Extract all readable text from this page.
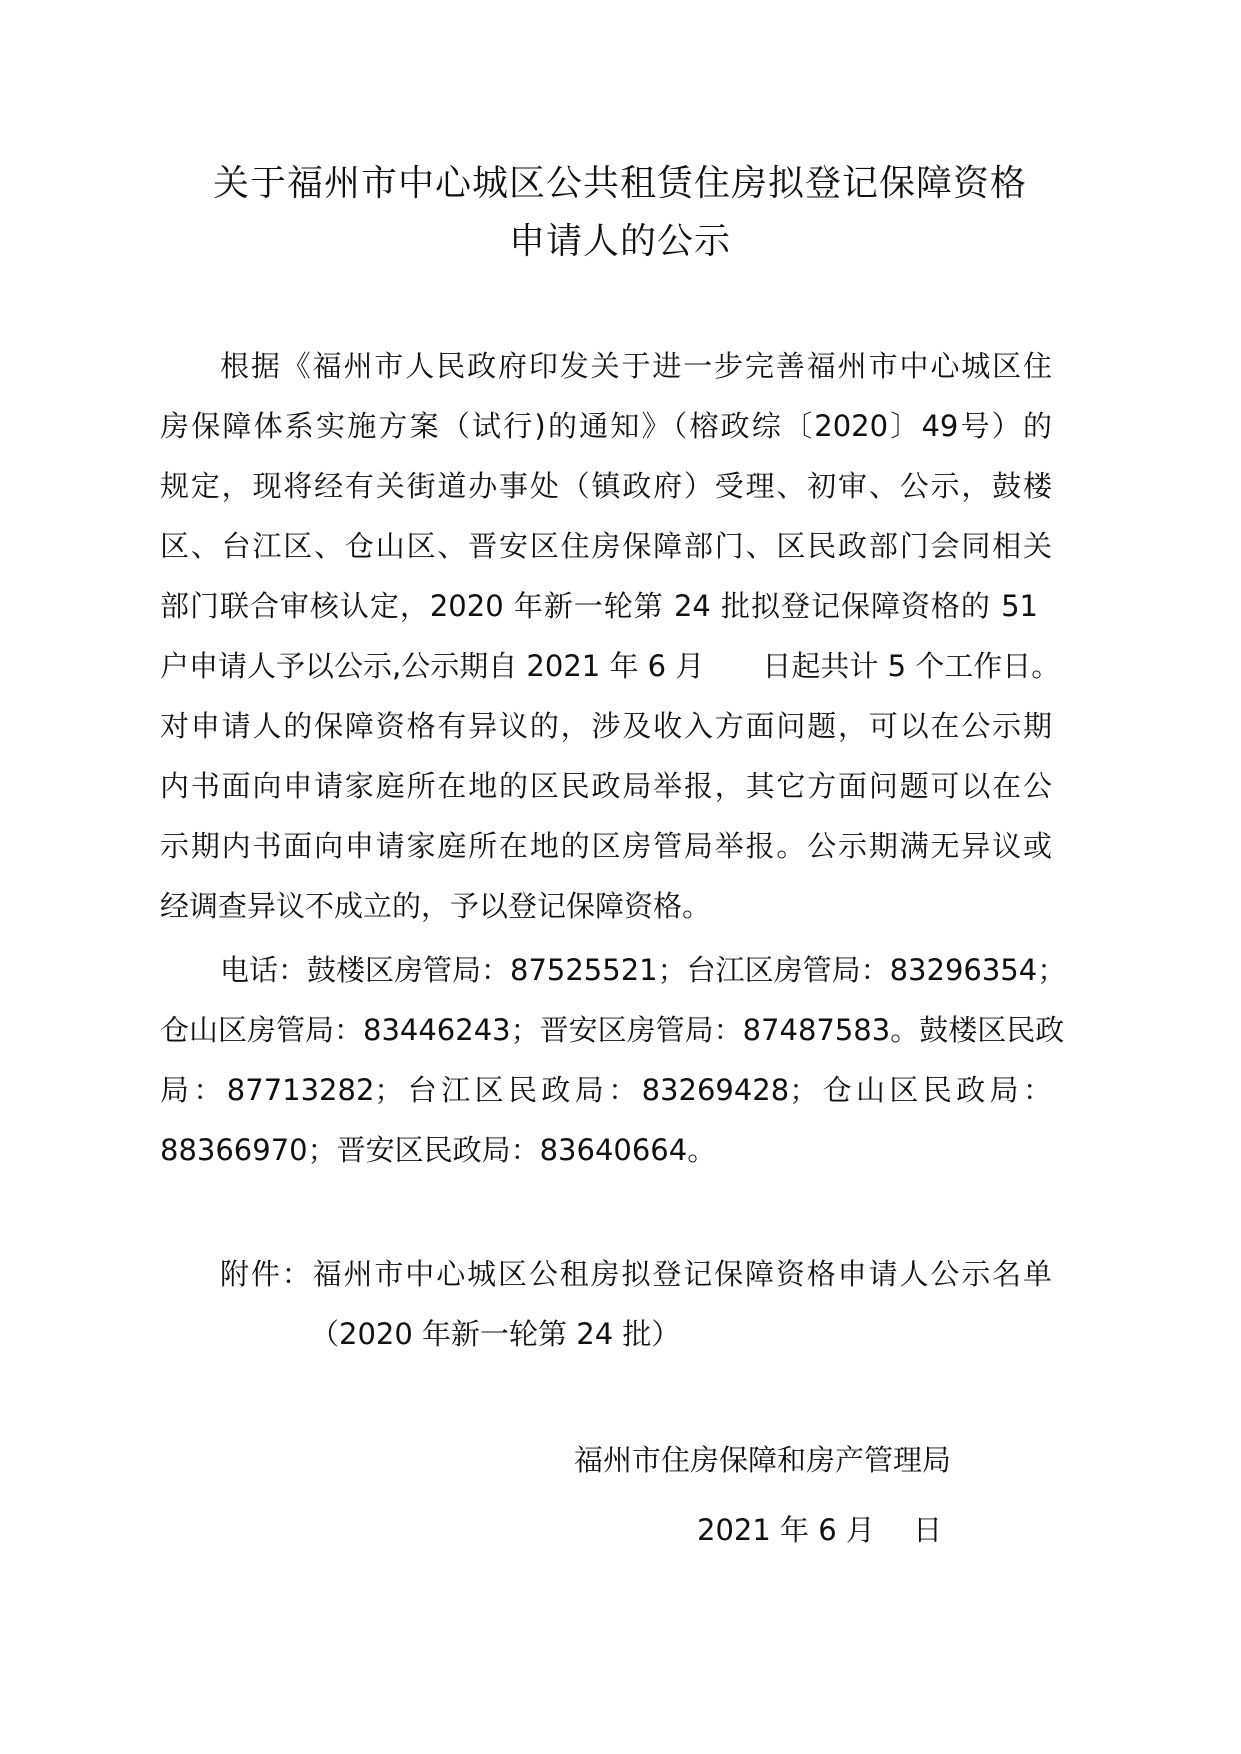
关于福州市中心城区公共租赁住房拟登记保障资格
申请人的公示
根据《福州市人民政府印发关于进一步完善福州市中心城区住
房保障体系实施方案（试行)的通知》（榕政综〔2020〕49号）的
规定，现将经有关街道办事处（镇政府）受理、初审、公示，鼓楼
区、台江区、仓山区、晋安区住房保障部门、区民政部门会同相关
部门联合审核认定，2020 年新一轮第 24 批拟登记保障资格的 51
户申请人予以公示,公示期自 2021 年 6 月　　日起共计 5 个工作日。
对申请人的保障资格有异议的，涉及收入方面问题，可以在公示期
内书面向申请家庭所在地的区民政局举报，其它方面问题可以在公
示期内书面向申请家庭所在地的区房管局举报。公示期满无异议或
经调查异议不成立的，予以登记保障资格。
电话：鼓楼区房管局：87525521；台江区房管局：83296354；
仓山区房管局：83446243；晋安区房管局：87487583。鼓楼区民政
局：87713282；台江区民政局：83269428；仓山区民政局：
88366970；晋安区民政局：83640664。
附件：福州市中心城区公租房拟登记保障资格申请人公示名单
（2020 年新一轮第 24 批）
福州市住房保障和房产管理局
2021 年 6 月　 日
